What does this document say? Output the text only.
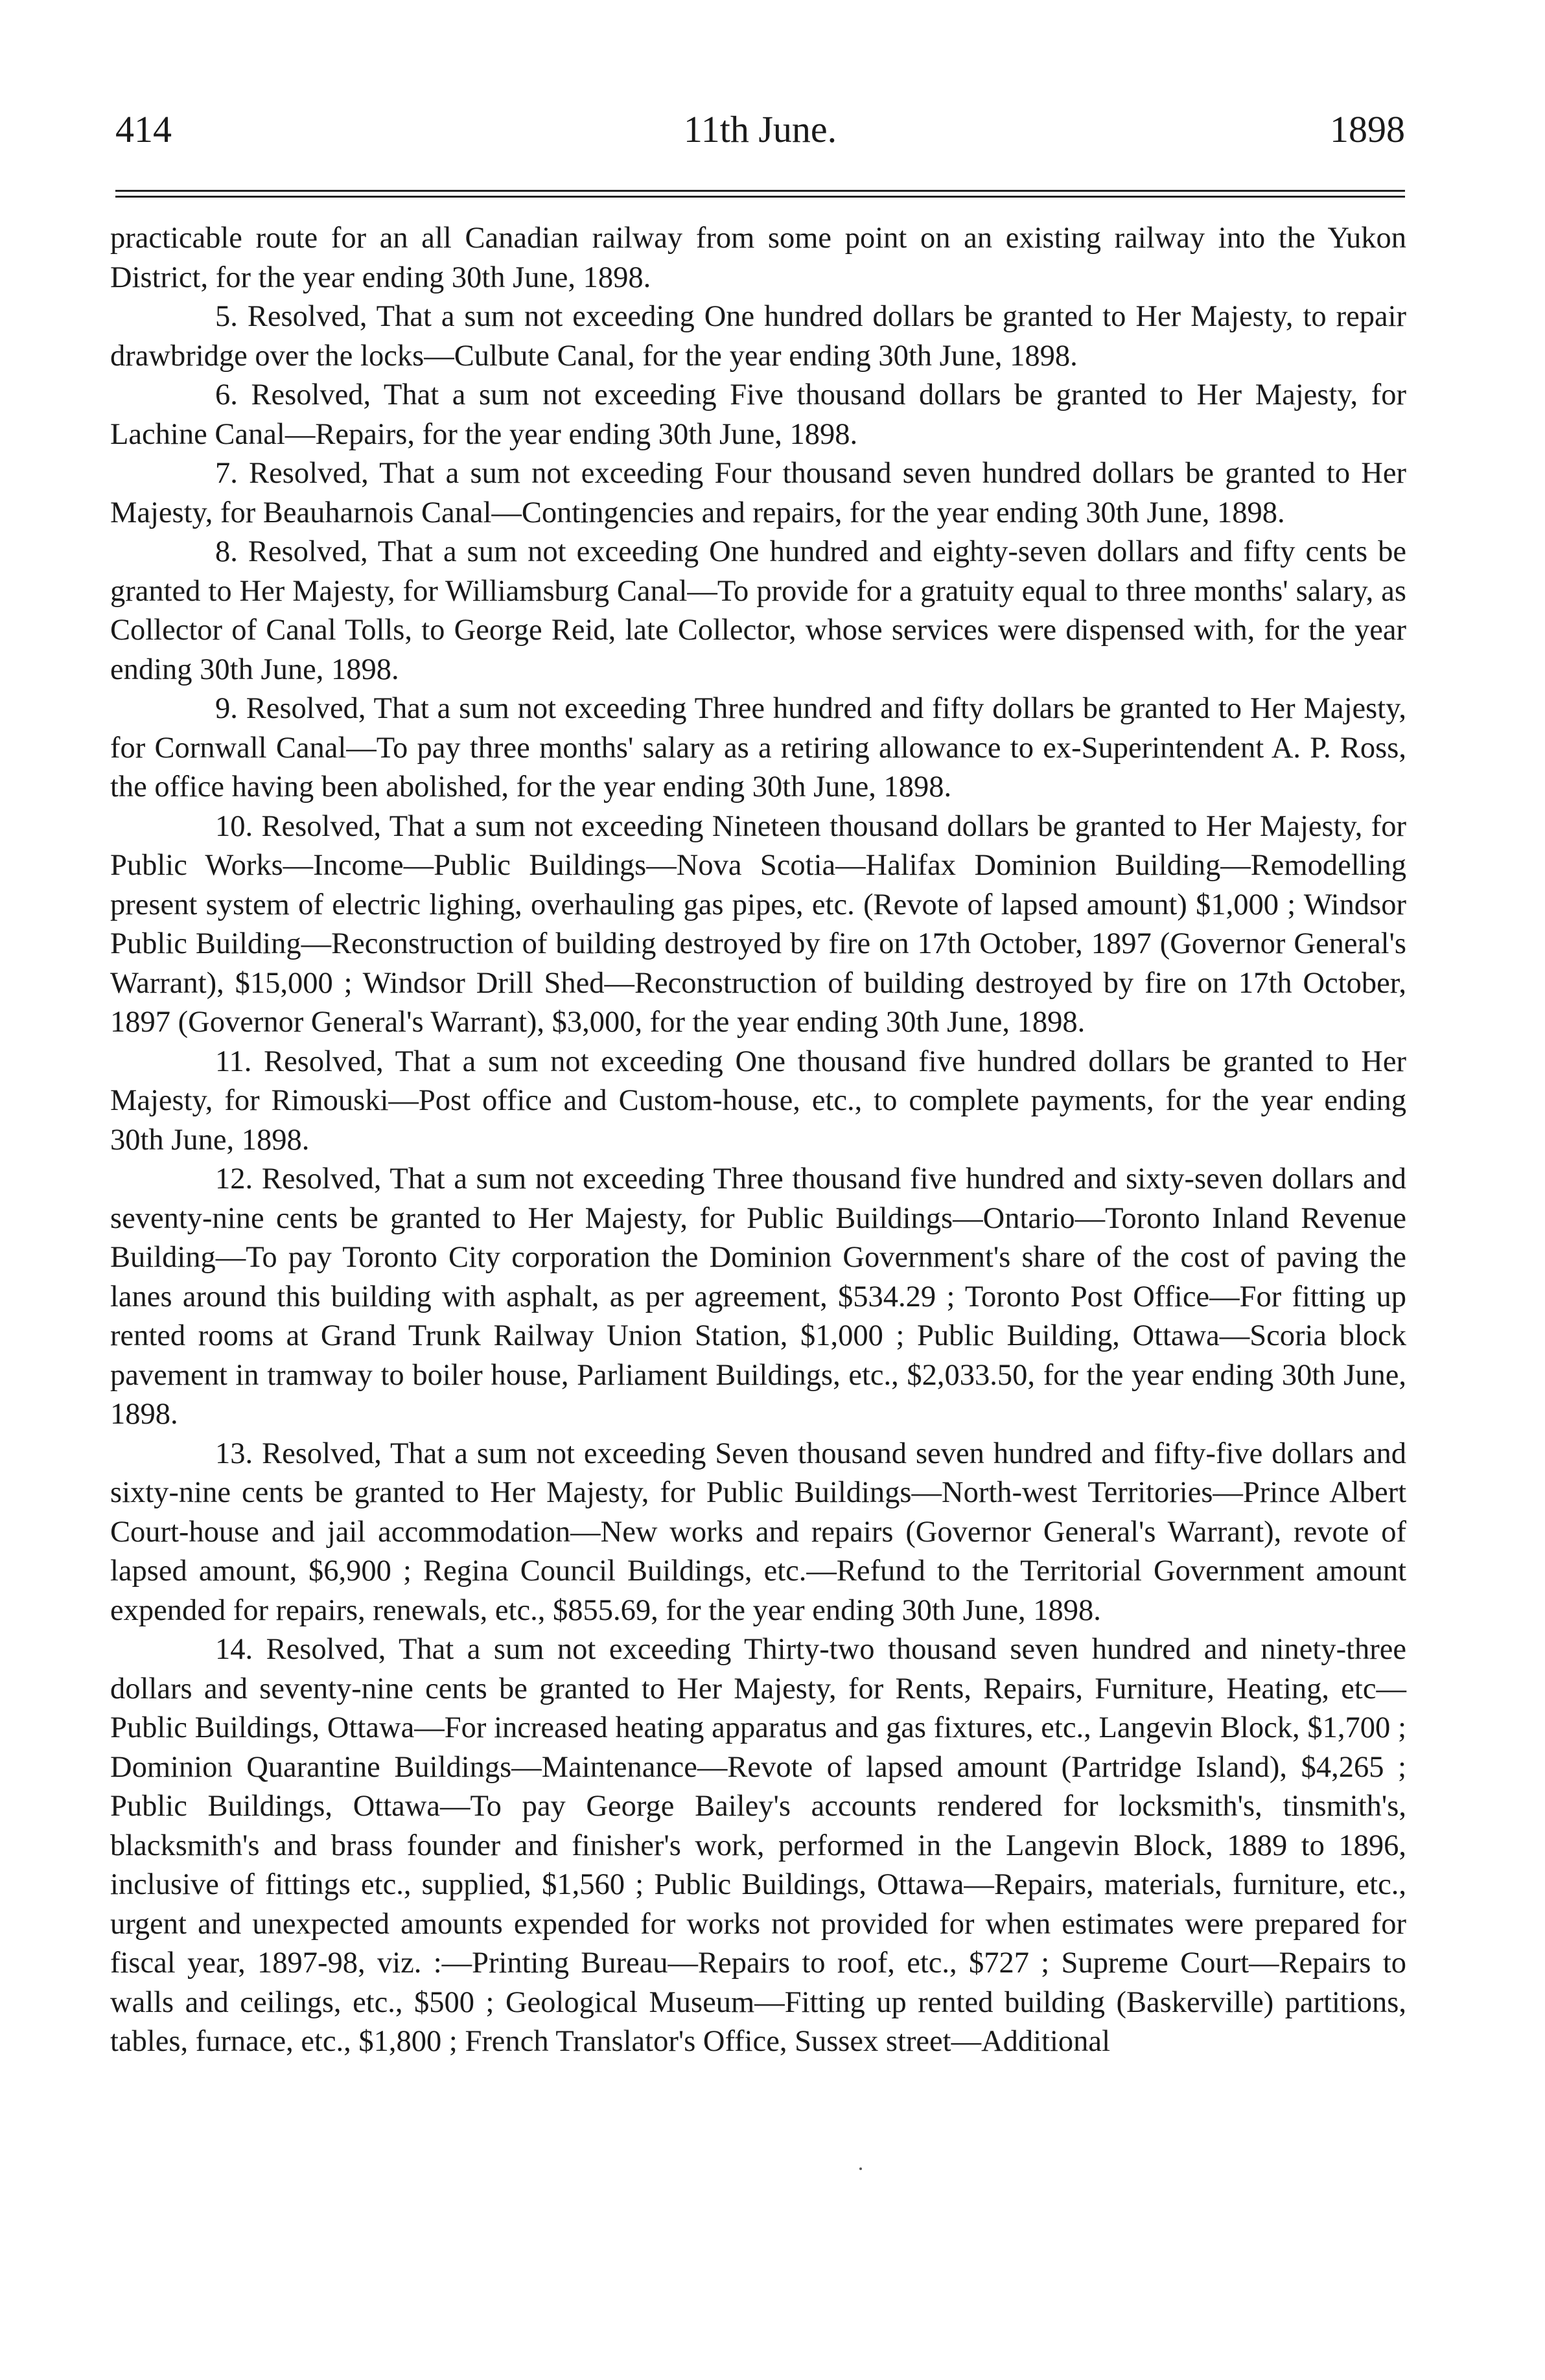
414	11th June.	1898

practicable route for an all Canadian railway from some point on an existing railway into the Yukon District, for the year ending 30th June, 1898.

5. Resolved, That a sum not exceeding One hundred dollars be granted to Her Majesty, to repair drawbridge over the locks—Culbute Canal, for the year ending 30th June, 1898.

6. Resolved, That a sum not exceeding Five thousand dollars be granted to Her Majesty, for Lachine Canal—Repairs, for the year ending 30th June, 1898.

7. Resolved, That a sum not exceeding Four thousand seven hundred dollars be granted to Her Majesty, for Beauharnois Canal—Contingencies and repairs, for the year ending 30th June, 1898.

8. Resolved, That a sum not exceeding One hundred and eighty-seven dollars and fifty cents be granted to Her Majesty, for Williamsburg Canal—To provide for a gratuity equal to three months' salary, as Collector of Canal Tolls, to George Reid, late Collector, whose services were dispensed with, for the year ending 30th June, 1898.

9. Resolved, That a sum not exceeding Three hundred and fifty dollars be granted to Her Majesty, for Cornwall Canal—To pay three months' salary as a retiring allowance to ex-Superintendent A. P. Ross, the office having been abolished, for the year ending 30th June, 1898.

10. Resolved, That a sum not exceeding Nineteen thousand dollars be granted to Her Majesty, for Public Works—Income—Public Buildings—Nova Scotia—Halifax Dominion Building—Remodelling present system of electric lighing, overhauling gas pipes, etc. (Revote of lapsed amount) $1,000 ; Windsor Public Building—Reconstruction of building destroyed by fire on 17th October, 1897 (Governor General's Warrant), $15,000 ; Windsor Drill Shed—Reconstruction of building destroyed by fire on 17th October, 1897 (Governor General's Warrant), $3,000, for the year ending 30th June, 1898.

11. Resolved, That a sum not exceeding One thousand five hundred dollars be granted to Her Majesty, for Rimouski—Post office and Custom-house, etc., to complete payments, for the year ending 30th June, 1898.

12. Resolved, That a sum not exceeding Three thousand five hundred and sixty-seven dollars and seventy-nine cents be granted to Her Majesty, for Public Buildings—Ontario—Toronto Inland Revenue Building—To pay Toronto City corporation the Dominion Government's share of the cost of paving the lanes around this building with asphalt, as per agreement, $534.29 ; Toronto Post Office—For fitting up rented rooms at Grand Trunk Railway Union Station, $1,000 ; Public Building, Ottawa—Scoria block pavement in tramway to boiler house, Parliament Buildings, etc., $2,033.50, for the year ending 30th June, 1898.

13. Resolved, That a sum not exceeding Seven thousand seven hundred and fifty-five dollars and sixty-nine cents be granted to Her Majesty, for Public Buildings—North-west Territories—Prince Albert Court-house and jail accommodation—New works and repairs (Governor General's Warrant), revote of lapsed amount, $6,900 ; Regina Council Buildings, etc.—Refund to the Territorial Government amount expended for repairs, renewals, etc., $855.69, for the year ending 30th June, 1898.

14. Resolved, That a sum not exceeding Thirty-two thousand seven hundred and ninety-three dollars and seventy-nine cents be granted to Her Majesty, for Rents, Repairs, Furniture, Heating, etc—Public Buildings, Ottawa—For increased heating apparatus and gas fixtures, etc., Langevin Block, $1,700 ; Dominion Quarantine Buildings—Maintenance—Revote of lapsed amount (Partridge Island), $4,265 ; Public Buildings, Ottawa—To pay George Bailey's accounts rendered for locksmith's, tinsmith's, blacksmith's and brass founder and finisher's work, performed in the Langevin Block, 1889 to 1896, inclusive of fittings etc., supplied, $1,560 ; Public Buildings, Ottawa—Repairs, materials, furniture, etc., urgent and unexpected amounts expended for works not provided for when estimates were prepared for fiscal year, 1897-98, viz. :—Printing Bureau—Repairs to roof, etc., $727 ; Supreme Court—Repairs to walls and ceilings, etc., $500 ; Geological Museum—Fitting up rented building (Baskerville) partitions, tables, furnace, etc., $1,800 ; French Translator's Office, Sussex street—Additional
